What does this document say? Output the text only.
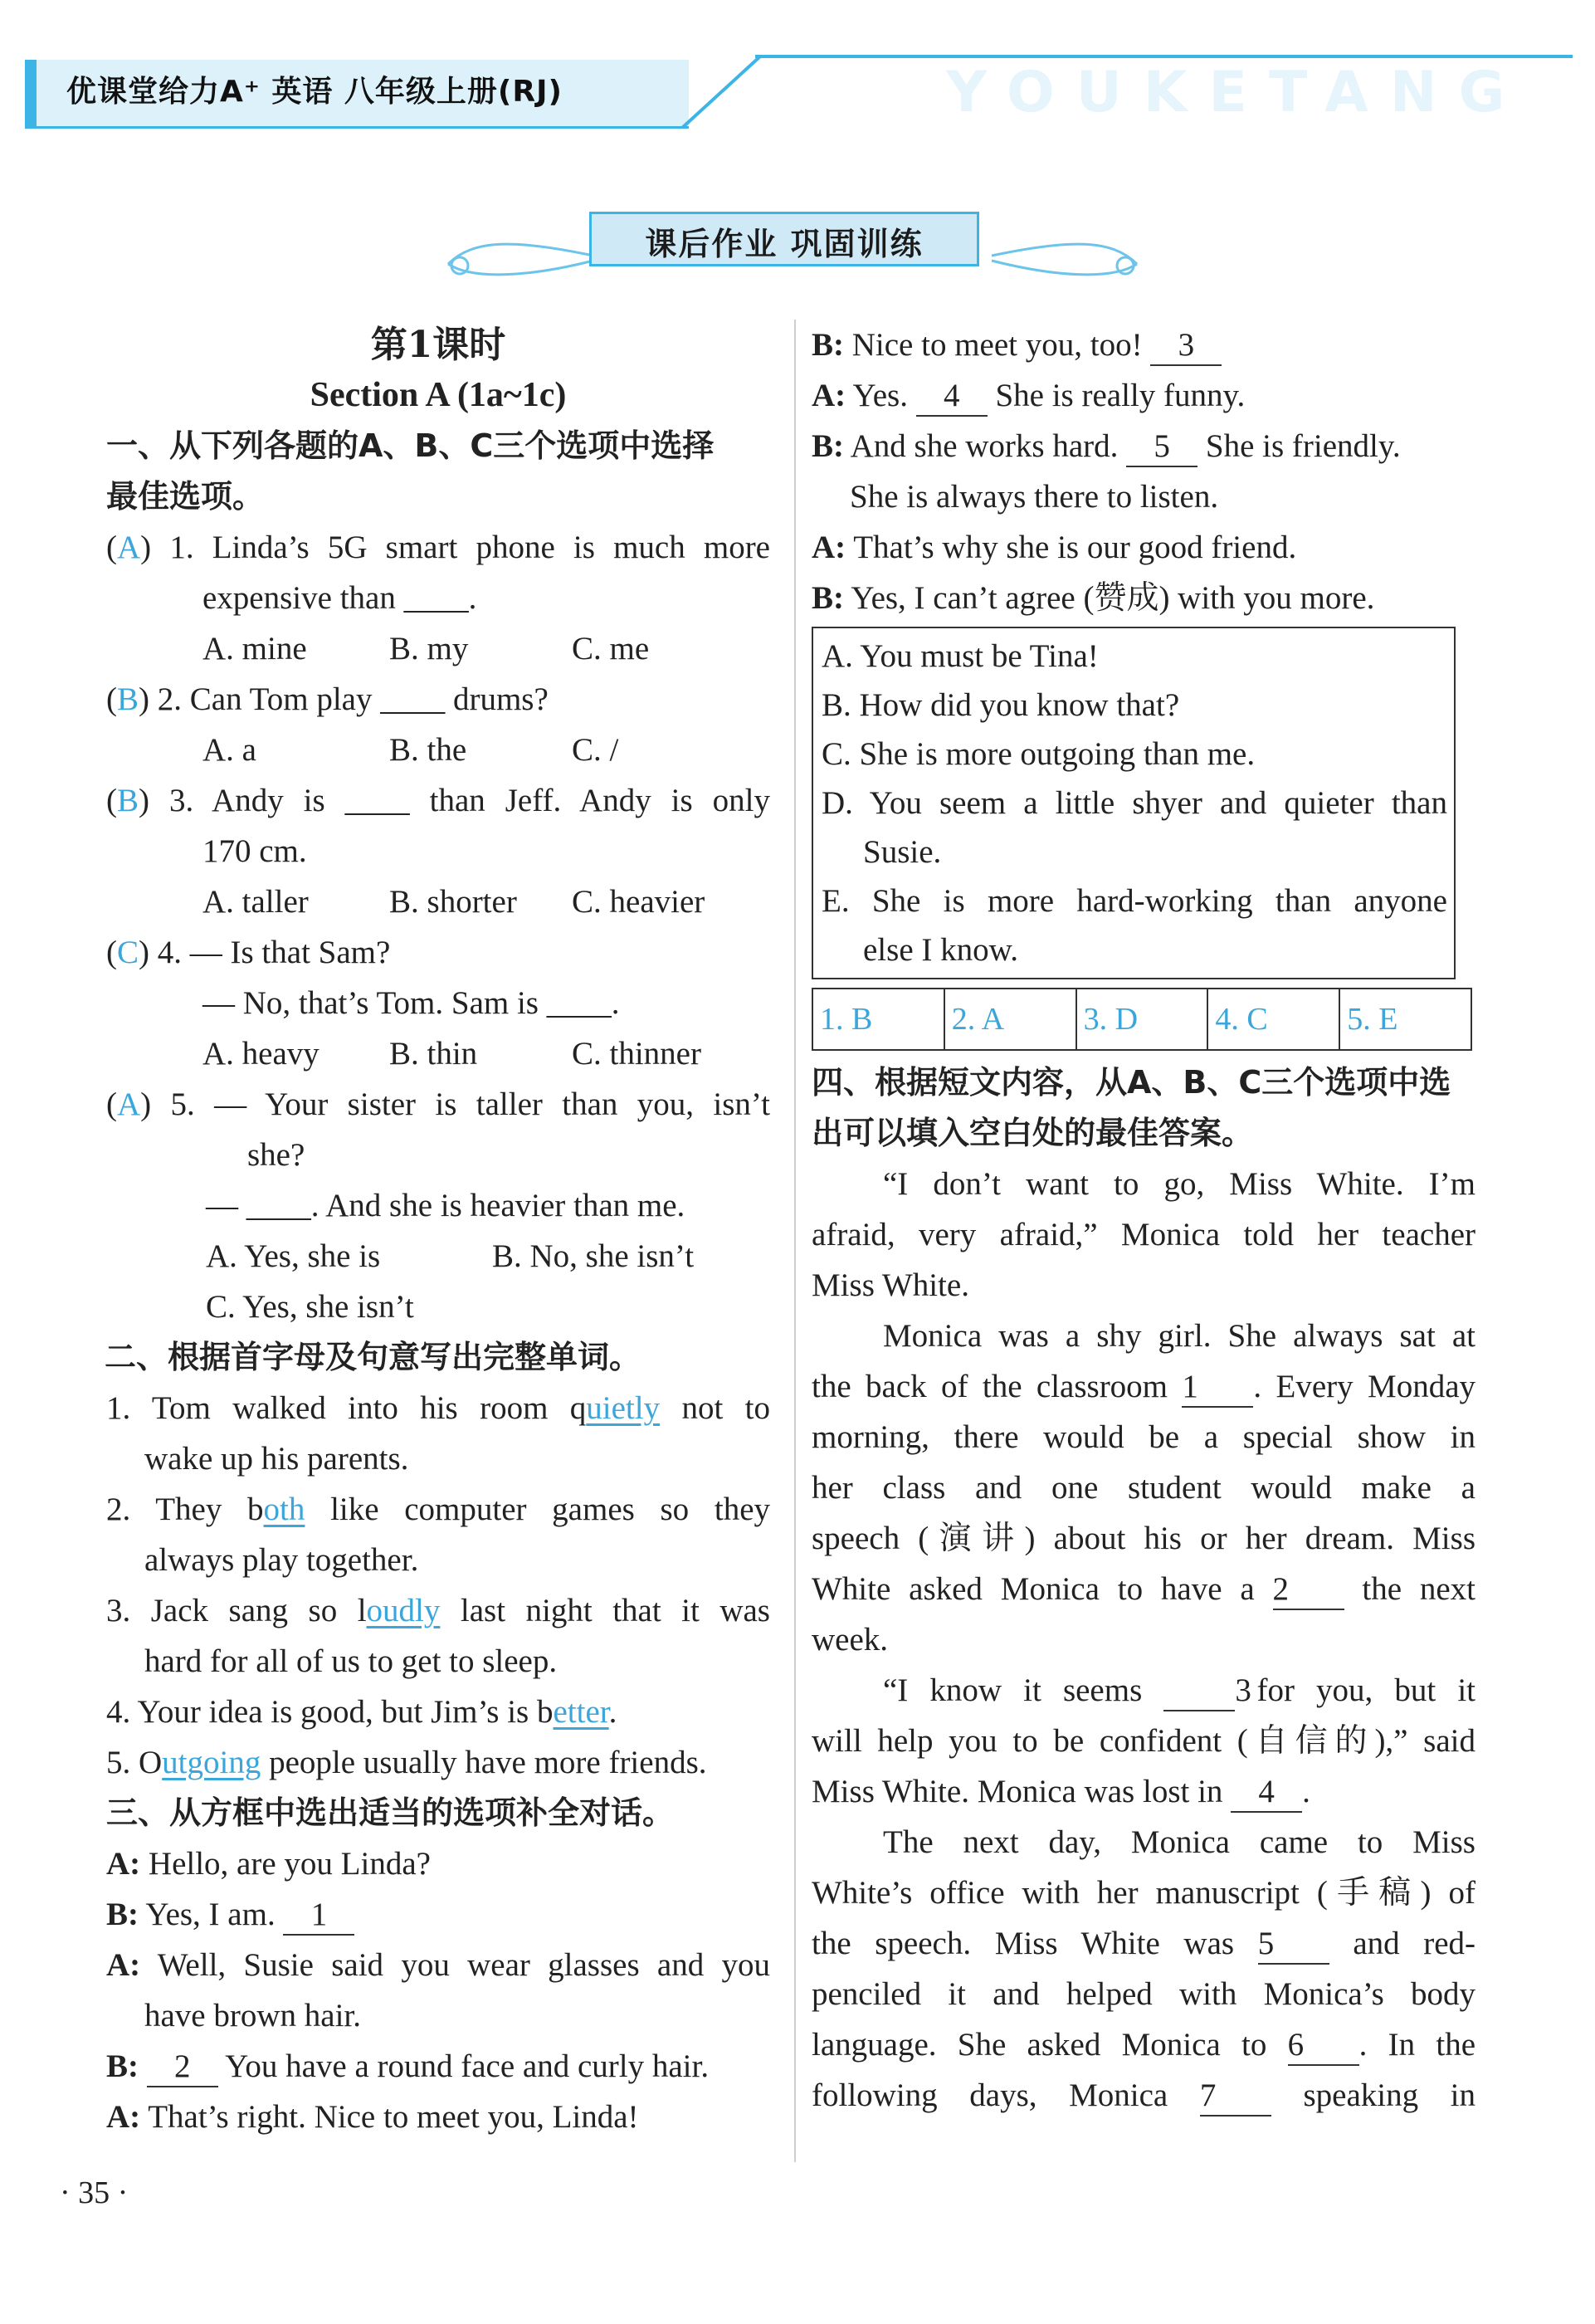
优课堂给力A⁺ 英语 八年级上册(RJ)	YOUKETANG
课后作业 巩固训练
第1课时
Section A (1a~1c)
一、从下列各题的A、B、C三个选项中选择
最佳选项。
(A) 1. Linda’s 5G smart phone is much more
expensive than ____.
A. mine	B. my	C. me
(B) 2. Can Tom play ____ drums?
A. a	B. the	C. /
(B) 3. Andy is ____ than Jeff. Andy is only
170 cm.
A. taller B. shorter C. heavier
(C) 4. — Is that Sam?
— No, that’s Tom. Sam is ____.
A. heavy B. thin	C. thinner
(A) 5. — Your sister is taller than you, isn’t
she?
— ____. And she is heavier than me.
A. Yes, she is	B. No, she isn’t
C. Yes, she isn’t
二、根据首字母及句意写出完整单词。
1. Tom walked into his room quietly not to
wake up his parents.
2. They both like computer games so they
always play together.
3. Jack sang so loudly last night that it was
hard for all of us to get to sleep.
4. Your idea is good, but Jim’s is better.
5. Outgoing people usually have more friends.
三、从方框中选出适当的选项补全对话。
A: Hello, are you Linda?
B: Yes, I am. 1
A: Well, Susie said you wear glasses and you
have brown hair.
B: 2 You have a round face and curly hair.
A: That’s right. Nice to meet you, Linda!
B: Nice to meet you, too! 3
A: Yes. 4 She is really funny.
B: And she works hard. 5 She is friendly.
She is always there to listen.
A: That’s why she is our good friend.
B: Yes, I can’t agree (赞成) with you more.
A. You must be Tina!
B. How did you know that?
C. She is more outgoing than me.
D. You seem a little shyer and quieter than
Susie.
E. She is more hard-working than anyone
else I know.
1. B	2. A	3. D	4. C	5. E
四、根据短文内容，从A、B、C三个选项中选
出可以填入空白处的最佳答案。
“I don’t want to go, Miss White. I’m
afraid, very afraid,” Monica told her teacher
Miss White.
Monica was a shy girl. She always sat at
the back of the classroom 1 . Every Monday
morning, there would be a special show in
her class and one student would make a
speech (演讲) about his or her dream. Miss
White asked Monica to have a 2 the next
week.
“I know it seems	3 for you, but it
will help you to be confident (自信的),” said
Miss White. Monica was lost in 4 .
The next day, Monica came to Miss
White’s office with her manuscript (手稿) of
the speech. Miss White was 5 and red-
penciled it and helped with Monica’s body
language. She asked Monica to 6 . In the
following days, Monica 7	speaking in
· 35 ·
